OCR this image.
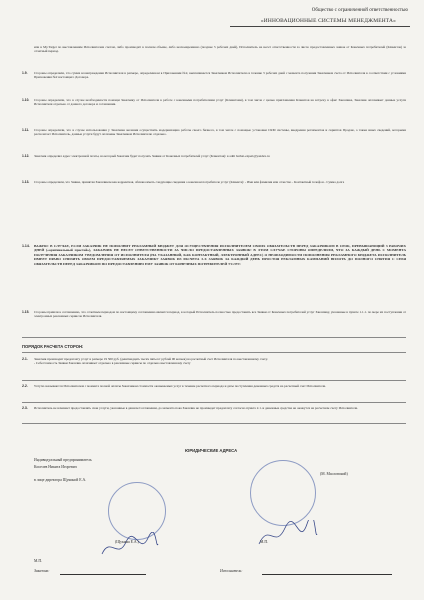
Общество с ограниченной ответственностью
«ИННОВАЦИОННЫЕ СИСТЕМЫ МЕНЕДЖМЕНТА»
или в My.Target по выставлениям Исполнителем счетам, либо производит в полном объеме, либо несвоевременно (позднее 5 рабочих дней), Исполнитель не несет ответственности за число предоставленных заявок от Конечных потребителей (Клиентов) за отчетный период.
1.9. Стороны определили, что сумма вознаграждения Исполнителя в размере, определенном в Приложении №2, выплачивается Заказчиком Исполнителю в течение 3 рабочих дней с момента получения Заказчиком счета от Исполнителя в соответствии с условиями Приложения №2 настоящего Договора.
1.10. Стороны определили, что в случае необходимости помощи Заказчику от Исполнителя в работе с конечными потребителями услуг (Клиентами), в том числе с целью приглашения Клиентов на встречу в офис Заказчика, Заказчик оплачивает данные услуги Исполнителя отдельно от данного договора и соглашения.
1.11. Стороны определили, что в случае использования у Заказчика желания осуществить модернизацию работы своего бизнеса, в том числе с помощью установки CRM системы, внедрения регламентов и скриптов Продаж, а также иных сведений, которыми располагает Исполнитель, данные услуги будут оплачены Заказчиком Исполнителю отдельно.
1.12. Заказчик определил адрес электронной почты, на который Заказчик будет получать Заявки от Конечных потребителей услуг (Клиентов): в adm barhat-expert@yandex.ru
1.13. Стороны определили, что Заявка, принятая Заказчиком как корректная, обязана иметь следующие сведения о конечном потребителе услуг (Клиенте): - Имя или фамилия или отчество - Контактный телефон - Сумма долга
1.14. ВАЖНО: В СЛУЧАЕ, ЕСЛИ ЗАКАЗЧИК НЕ ПОПОЛНИТ РЕКЛАМНЫЙ БЮДЖЕТ ДЛЯ ОСУЩЕСТВЛЕНИЯ ИСПОЛНИТЕЛЕМ СВОИХ ОБЯЗАТЕЛЬСТВ ПЕРЕД ЗАКАЗЧИКОМ В СРОК, ПРЕВЫШАЮЩИЙ 3 РАБОЧИХ ДНЕЙ («оригинальный простой»), ЗАКАЗЧИК НЕ НЕСЕТ ОТВЕТСТВЕННОСТИ ЗА ЧИСЛО ПРЕДОСТАВЛЕННЫХ ЗАЯВОК! В ЭТОМ СЛУЧАЕ СТОРОНЫ ОПРЕДЕЛИЛИ, ЧТО ЗА КАЖДЫЙ ДЕНЬ С МОМЕНТА ПОЛУЧЕНИЯ ЗАКАЗЧИКОМ УВЕДОМЛЕНИЯ ОТ ИСПОЛНИТЕЛЯ (НА УКАЗАННЫЙ, КАК КОНТАКТНЫЙ, ЭЛЕКТРОННЫЙ АДРЕС) О НЕОБХОДИМОСТИ ПОПОЛНЕНИЯ РЕКЛАМНОГО БЮДЖЕТА ИСПОЛНИТЕЛЬ ИМЕЕТ ПРАВО СНИЗИТЬ ОБЪЕМ ПРЕДОСТАВЛЯЕМЫХ ЗАКАЗЧИКУ ЗАЯВОК ИЗ РАСЧЕТА 3-Х ЗАЯВОК ЗА КАЖДЫЙ ДЕНЬ ПРОСТОЯ РЕКЛАМНЫХ КАМПАНИЙ ВПЛОТЬ ДО ПОЛНОГО СНЯТИЯ С СЕБЯ ОБЯЗАТЕЛЬСТВ ПЕРЕД ЗАКАЗЧИКОМ ПО ПРЕДОСТАВЛЕНИЮ ЕМУ ЗАЯВОК ОТ КОНЕЧНЫХ ПОТРЕБИТЕЛЕЙ УСЛУГ.
1.15. Стороны пришли к соглашению, что отчетным периодом по настоящему соглашению является период, в который Исполнитель полностью предоставить все Заявки от Конечных потребителей услуг Заказчику, указанные в пункте 1.1.1. по мере их поступления от электронных рекламных сервисов Исполнителя.
ПОРЯДОК РАСЧЕТА СТОРОН:
2.1. Заказчик производит предоплату услуг в размере 19 500 руб. (девятнадцать тысяч пятьсот рублей 00 копеек) на расчетный счет Исполнителя по выставленному счету.
- Себестоимость Заявки Заказчик оплачивает отдельно в рекламные сервисы по отдельно выставленному счету
2.2. Услуги оказываются Исполнителем с момента полной оплаты Заказчиком стоимости оказываемых услуг в течение расчетного периода и даты поступления денежных средств на расчетный счет Исполнителя.
2.3. Исполнитель не начинает предоставлять свои услуги, указанные в данном Соглашении, до момента пока Заказчик не произведет предоплату согласно пункта 2.1. и денежные средства не окажутся на расчетном счету Исполнителя.
ЮРИДИЧЕСКИЕ АДРЕСА
Индивидуальный предприниматель
Киселев Никита Игоревич
в лице директора Щукиной Е.А.
(Щукина Е.А.)
М.П.
Заказчик:
(М. Масловский)
М.П.
Исполнитель:
